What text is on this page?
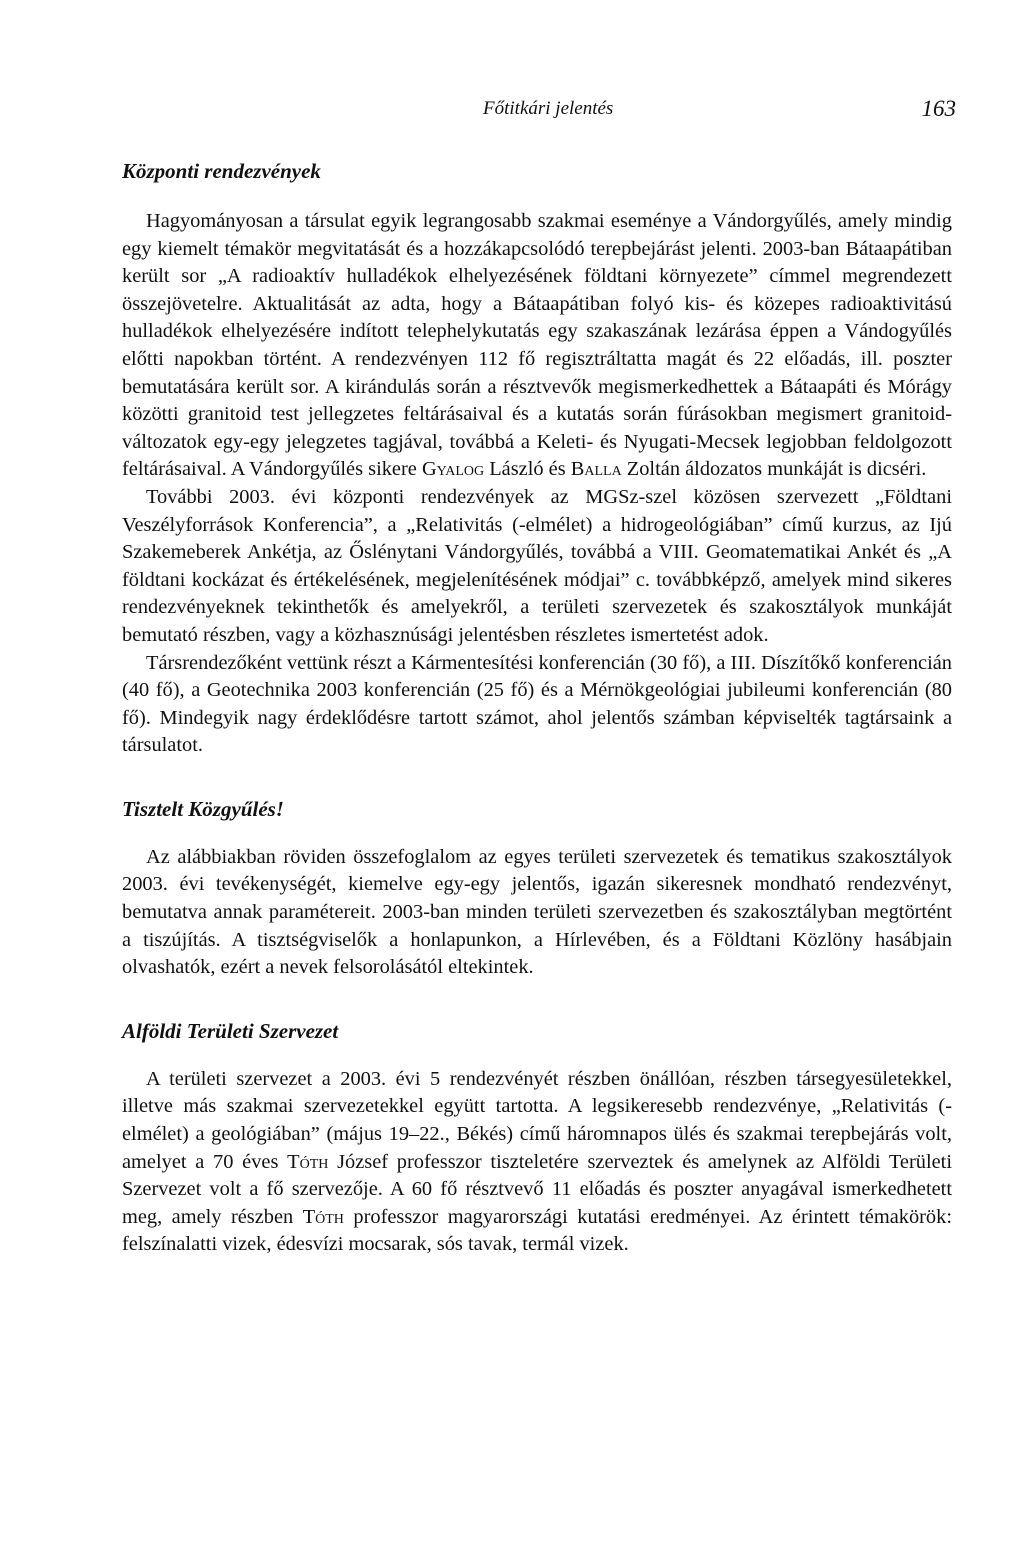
Főtitkári jelentés	163
Központi rendezvények

Hagyományosan a társulat egyik legrangosabb szakmai eseménye a Vándorgyűlés, amely mindig egy kiemelt témakör megvitatását és a hozzákapcsolódó terepbejárást jelenti. 2003-ban Bátaapátiban került sor „A radioaktív hulladékok elhelyezésének földtani környezete” címmel megrendezett összejövetelre. Aktualitását az adta, hogy a Bátaapátiban folyó kis- és közepes radioaktivitású hulladékok elhelyezésére indított telephelykutatás egy szakaszának lezárása éppen a Vándogyűlés előtti napokban történt. A rendezvényen 112 fő regisztráltatta magát és 22 előadás, ill. poszter bemutatására került sor. A kirándulás során a résztvevők megismerkedhettek a Bátaapáti és Mórágy közötti granitoid test jellegzetes feltárásaival és a kutatás során fúrásokban megismert granitoidváltozatok egy-egy jelegzetes tagjával, továbbá a Keleti- és Nyugati-Mecsek legjobban feldolgozott feltárásaival. A Vándorgyűlés sikere Gyalog László és Balla Zoltán áldozatos munkáját is dicséri.

További 2003. évi központi rendezvények az MGSz-szel közösen szervezett „Földtani Veszélyforrások Konferencia”, a „Relativitás (-elmélet) a hidrogeológiában” című kurzus, az Ijú Szakemeberek Ankétja, az Őslénytani Vándorgyűlés, továbbá a VIII. Geomatematikai Ankét és „A földtani kockázat és értékelésének, megjelenítésének módjai” c. továbbképző, amelyek mind sikeres rendezvényeknek tekinthetők és amelyekről, a területi szervezetek és szakosztályok munkáját bemutató részben, vagy a közhasznúsági jelentésben részletes ismertetést adok.

Társrendezőként vettünk részt a Kármentesítési konferencián (30 fő), a III. Díszítőkő konferencián (40 fő), a Geotechnika 2003 konferencián (25 fő) és a Mérnökgeológiai jubileumi konferencián (80 fő). Mindegyik nagy érdeklődésre tartott számot, ahol jelentős számban képviselték tagtársaink a társulatot.

Tisztelt Közgyűlés!

Az alábbiakban röviden összefoglalom az egyes területi szervezetek és tematikus szakosztályok 2003. évi tevékenységét, kiemelve egy-egy jelentős, igazán sikeresnek mondható rendezvényt, bemutatva annak paramétereit. 2003-ban minden területi szervezetben és szakosztályban megtörtént a tiszújítás. A tisztségviselők a honlapunkon, a Hírlevében, és a Földtani Közlöny hasábjain olvashatók, ezért a nevek felsorolásától eltekintek.

Alföldi Területi Szervezet

A területi szervezet a 2003. évi 5 rendezvényét részben önállóan, részben társegyesületekkel, illetve más szakmai szervezetekkel együtt tartotta. A legsikeresebb rendezvénye, „Relativitás (-elmélet) a geológiában” (május 19–22., Békés) című háromnapos ülés és szakmai terepbejárás volt, amelyet a 70 éves Tóth József professzor tiszteletére szerveztek és amelynek az Alföldi Területi Szervezet volt a fő szervezője. A 60 fő résztvevő 11 előadás és poszter anyagával ismerkedhetett meg, amely részben Tóth professzor magyarországi kutatási eredményei. Az érintett témakörök: felszínalatti vizek, édesvízi mocsarak, sós tavak, termál vizek.
